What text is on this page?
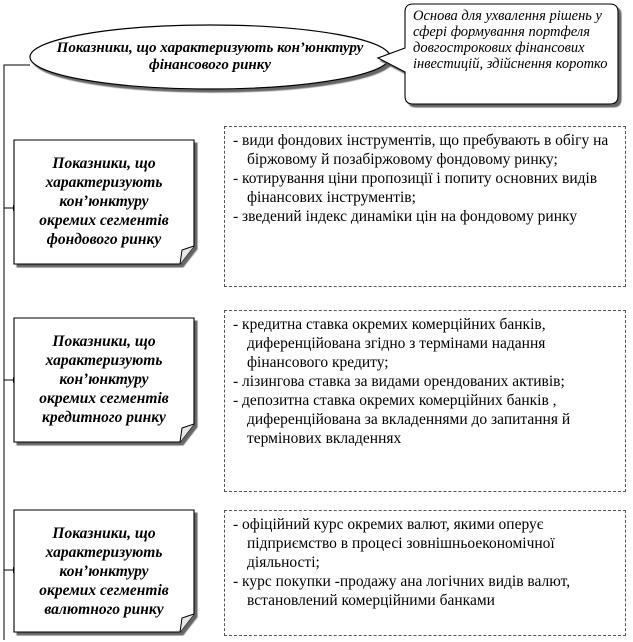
Показники, що характеризують кон’юнктуру фінансового ринку
Основа для ухвалення рішень у сфері формування портфеля довгострокових фінансових інвестицій, здійснення коротко
Показники, що
характеризують
кон’юнктуру
окремих сегментів
фондового ринку
- види фондових інструментів, що пребувають в обігу на біржовому й позабіржовому фондовому ринку;
- котирування ціни пропозиції і попиту основних видів фінансових інструментів;
- зведений індекс динаміки цін на фондовому ринку
Показники, що
характеризують
кон’юнктуру
окремих сегментів
кредитного ринку
- кредитна ставка окремих комерційних банків, диференційована згідно з термінами надання фінансового кредиту;
- лізингова ставка за видами орендованих активів;
- депозитна ставка окремих комерційних банків , диференційована за вкладеннями до запитання й термінових вкладеннях
Показники, що
характеризують
кон’юнктуру
окремих сегментів
валютного ринку
- офіційний курс окремих валют, якими оперує підприємство в процесі зовнішньоекономічної діяльності;
- курс покупки -продажу ана логічних видів валют, встановлений комерційними банками
